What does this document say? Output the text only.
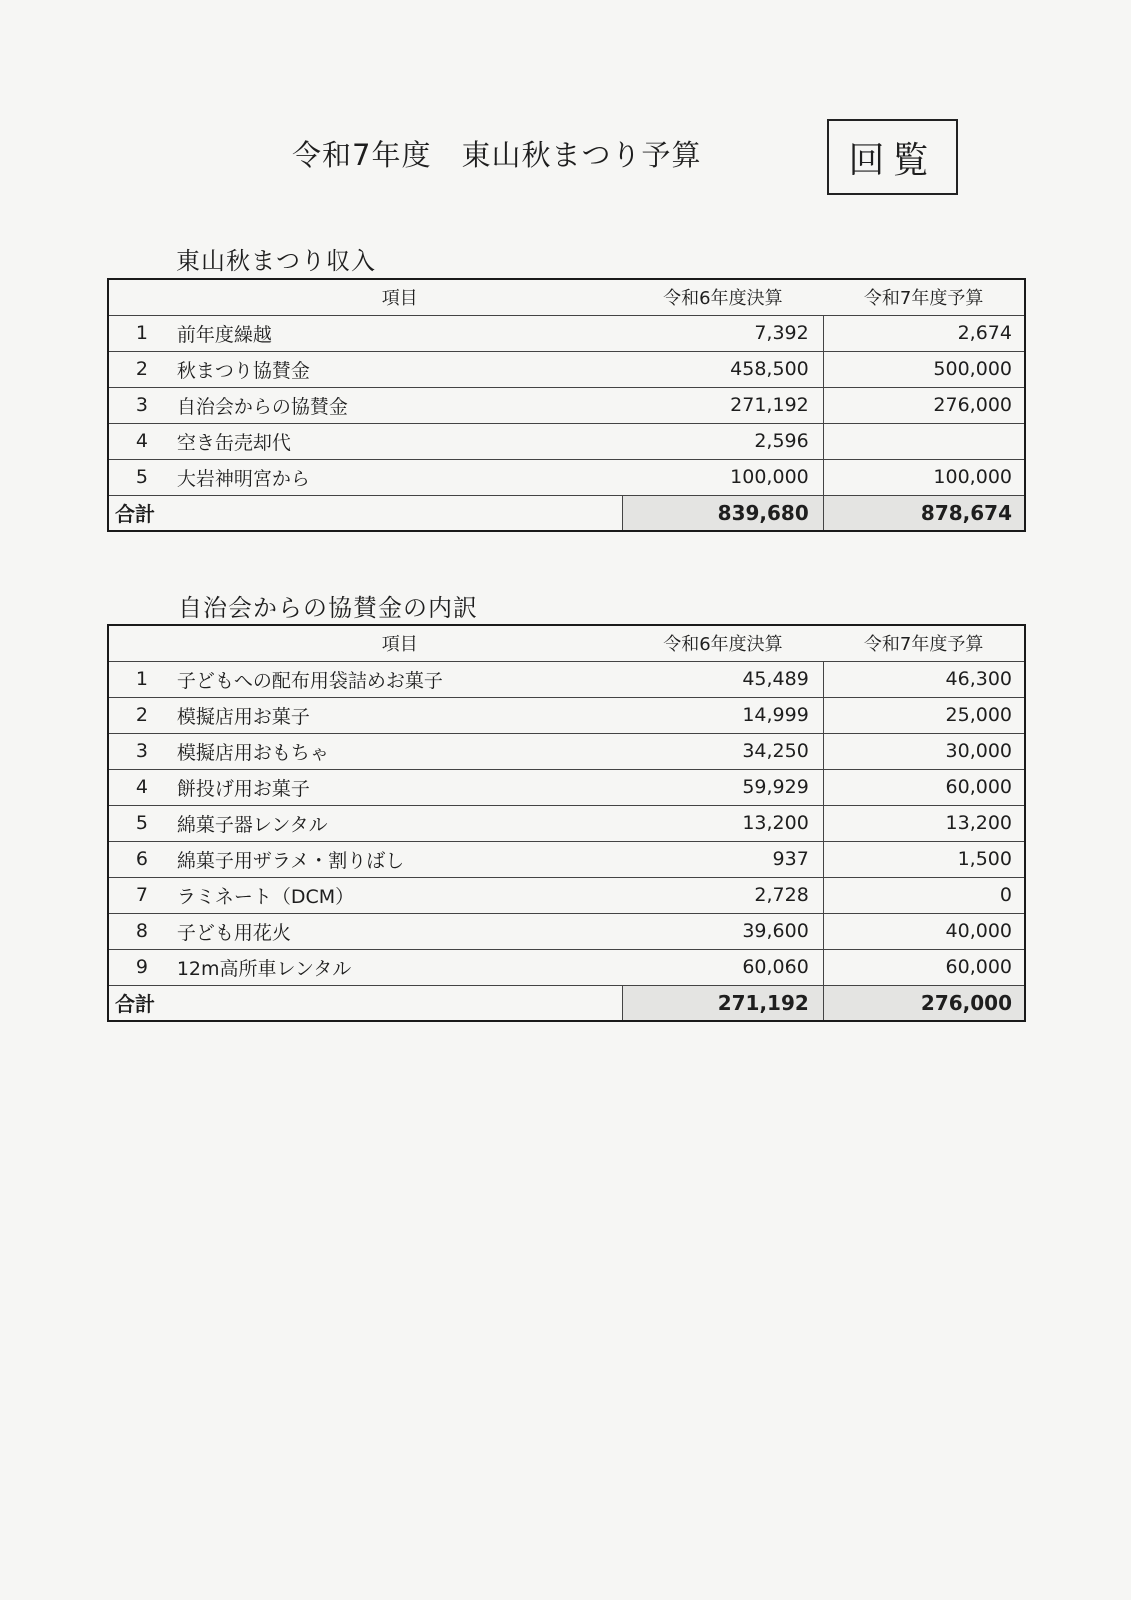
令和7年度　東山秋まつり予算	回覧
東山秋まつり収入
	項目	令和6年度決算	令和7年度予算
1	前年度繰越	7,392	2,674
2	秋まつり協賛金	458,500	500,000
3	自治会からの協賛金	271,192	276,000
4	空き缶売却代	2,596	
5	大岩神明宮から	100,000	100,000
合計		839,680	878,674
自治会からの協賛金の内訳
	項目	令和6年度決算	令和7年度予算
1	子どもへの配布用袋詰めお菓子	45,489	46,300
2	模擬店用お菓子	14,999	25,000
3	模擬店用おもちゃ	34,250	30,000
4	餅投げ用お菓子	59,929	60,000
5	綿菓子器レンタル	13,200	13,200
6	綿菓子用ザラメ・割りばし	937	1,500
7	ラミネート（DCM）	2,728	0
8	子ども用花火	39,600	40,000
9	12m高所車レンタル	60,060	60,000
合計		271,192	276,000
